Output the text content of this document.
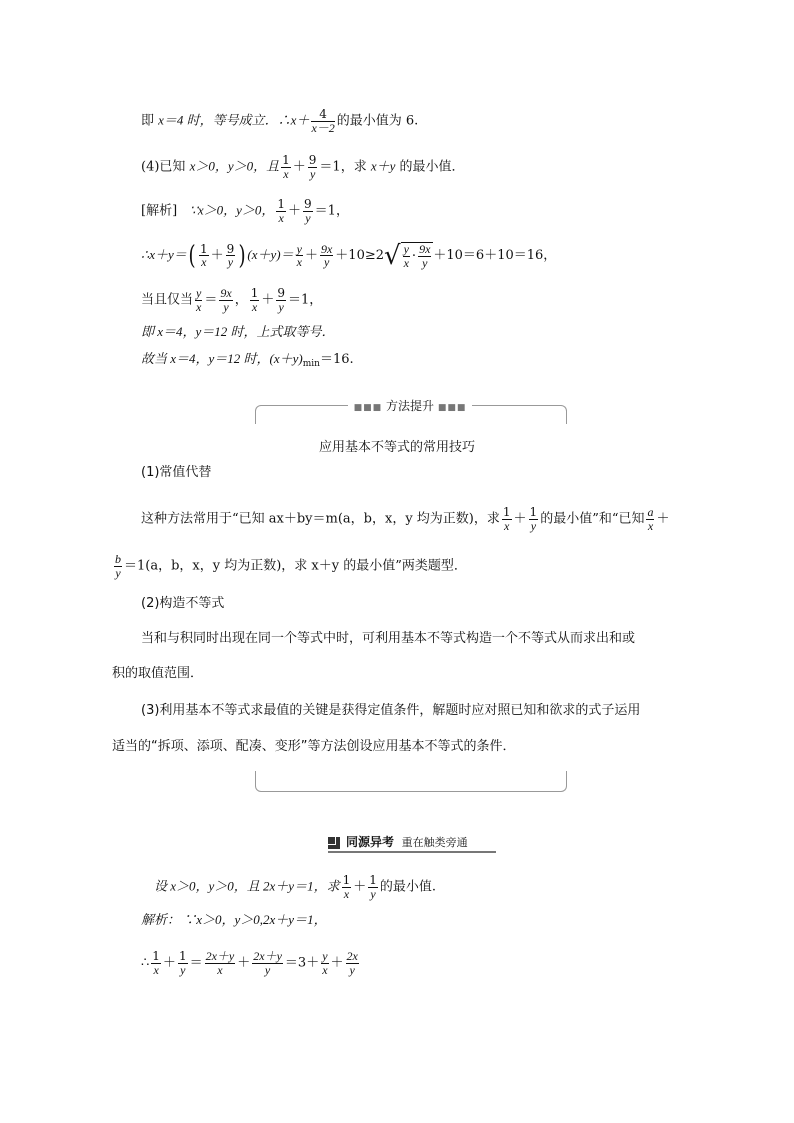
即 x＝4 时，等号成立．∴x＋ $\frac{4}{x-2}$ 的最小值为 6.
(4)已知 x＞0，y＞0，且 $\frac{1}{x} + \frac{9}{y} =1$，求 x＋y 的最小值．
[解析] ∵x＞0，y＞0， $\frac{1}{x} + \frac{9}{y} =1$，
∴x＋y＝( $\frac{1}{x} + \frac{9}{y}$ ) $(x+y)= \frac{y}{x} + \frac{9x}{y} +10\ge 2√ \frac{y}{x} \cdot \frac{9x}{y} +10=6+10=16$，
当且仅当 $\frac{y}{x} = \frac{9x}{y}$ ， $\frac{1}{x} + \frac{9}{y} =1$，
即 x＝4，y＝12 时，上式取等号．
故当 x＝4，y＝12 时，$(x+y)_{min}=16$.
■■■ 方法提升 ■■■
应用基本不等式的常用技巧
(1)常值代替
这种方法常用于“已知 ax＋by＝m(a，b，x，y 均为正数)，求 $\frac{1}{x} + \frac{1}{y}$ 的最小值”和“已知 $\frac{a}{x}$ ＋
$\frac{b}{y} =1(a$，b，x，y 均为正数)，求 x＋y 的最小值”两类题型．
(2)构造不等式
当和与积同时出现在同一个等式中时，可利用基本不等式构造一个不等式从而求出和或
积的取值范围．
(3)利用基本不等式求最值的关键是获得定值条件，解题时应对照已知和欲求的式子运用
适当的“拆项、添项、配凑、变形”等方法创设应用基本不等式的条件．
同源异考 重在触类旁通
设 x＞0，y＞0，且 2x＋y＝1，求 $\frac{1}{x} + \frac{1}{y}$ 的最小值.
解析： ∵x＞0，y＞0,2x＋y＝1，
∴ $\frac{1}{x} + \frac{1}{y} = \frac{2x+y}{x} + \frac{2x+y}{y} =3+ \frac{y}{x} + \frac{2x}{y}$
